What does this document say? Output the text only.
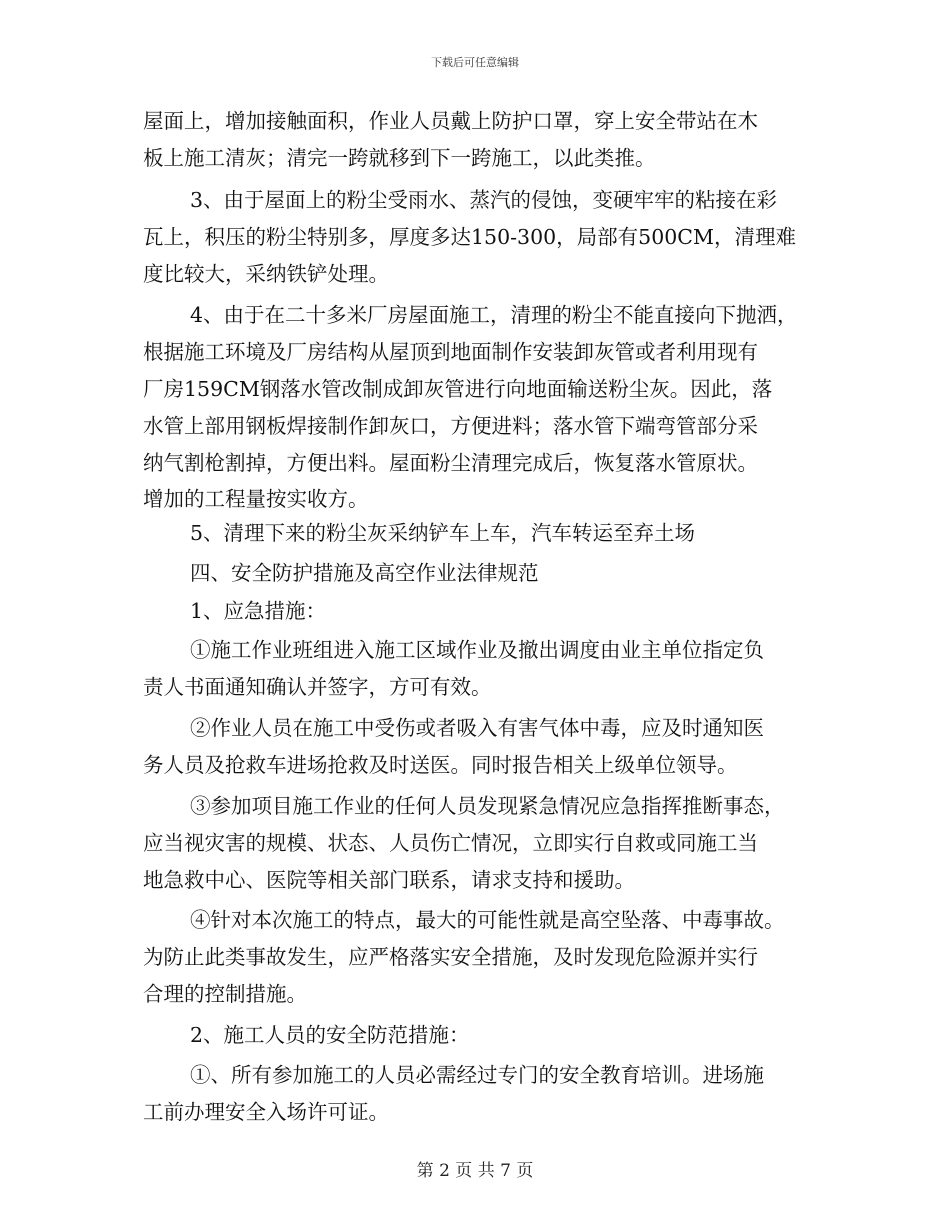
下载后可任意编辑
屋面上，增加接触面积，作业人员戴上防护口罩，穿上安全带站在木
板上施工清灰；清完一跨就移到下一跨施工，以此类推。
3、由于屋面上的粉尘受雨水、蒸汽的侵蚀，变硬牢牢的粘接在彩
瓦上，积压的粉尘特别多，厚度多达150-300，局部有500CM，清理难
度比较大，采纳铁铲处理。
4、由于在二十多米厂房屋面施工，清理的粉尘不能直接向下抛洒，
根据施工环境及厂房结构从屋顶到地面制作安装卸灰管或者利用现有
厂房159CM钢落水管改制成卸灰管进行向地面输送粉尘灰。因此，落
水管上部用钢板焊接制作卸灰口，方便进料；落水管下端弯管部分采
纳气割枪割掉，方便出料。屋面粉尘清理完成后，恢复落水管原状。
增加的工程量按实收方。
5、清理下来的粉尘灰采纳铲车上车，汽车转运至弃土场
四、安全防护措施及高空作业法律规范
1、应急措施：
①施工作业班组进入施工区域作业及撤出调度由业主单位指定负
责人书面通知确认并签字，方可有效。
②作业人员在施工中受伤或者吸入有害气体中毒，应及时通知医
务人员及抢救车进场抢救及时送医。同时报告相关上级单位领导。
③参加项目施工作业的任何人员发现紧急情况应急指挥推断事态，
应当视灾害的规模、状态、人员伤亡情况，立即实行自救或同施工当
地急救中心、医院等相关部门联系，请求支持和援助。
④针对本次施工的特点，最大的可能性就是高空坠落、中毒事故。
为防止此类事故发生，应严格落实安全措施，及时发现危险源并实行
合理的控制措施。
2、施工人员的安全防范措施：
①、所有参加施工的人员必需经过专门的安全教育培训。进场施
工前办理安全入场许可证。
第 2 页 共 7 页
